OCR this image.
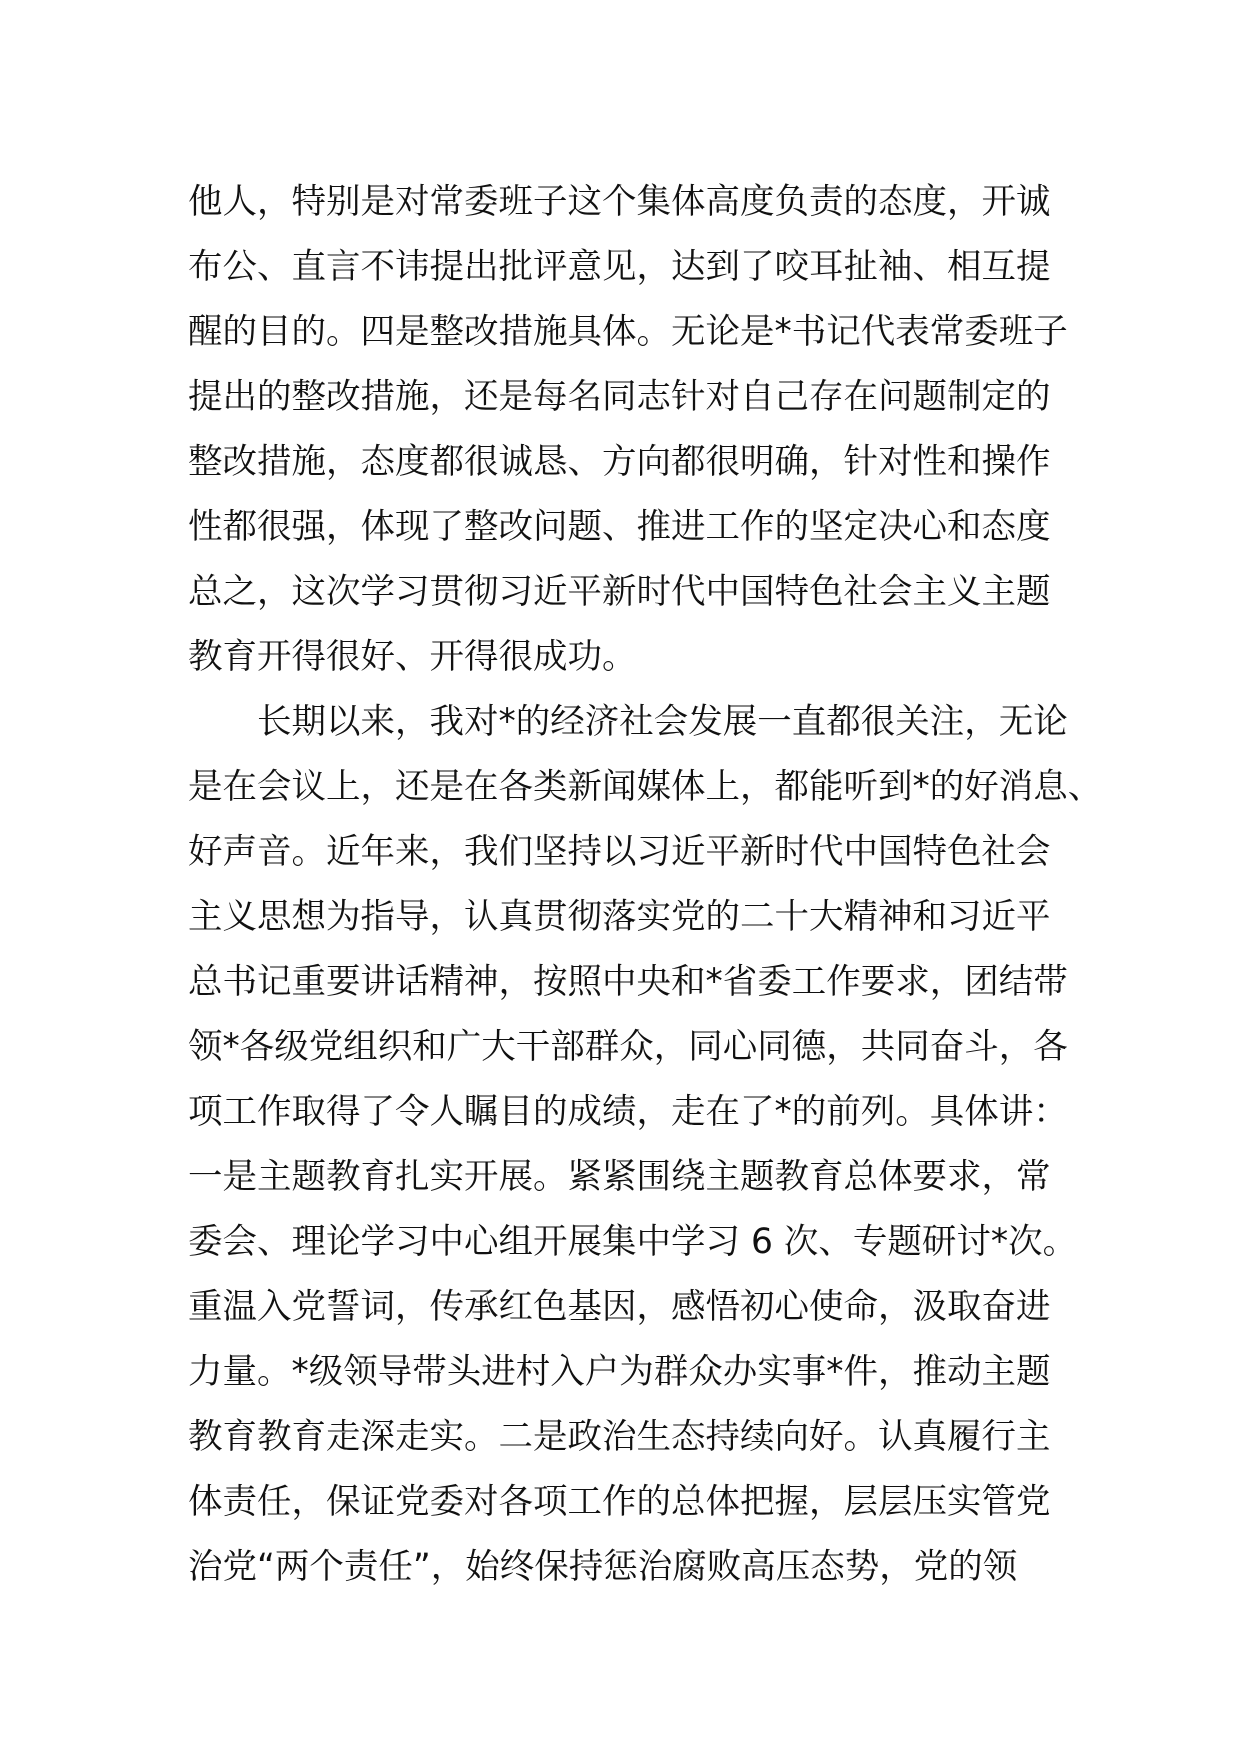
他人，特别是对常委班子这个集体高度负责的态度，开诚
布公、直言不讳提出批评意见，达到了咬耳扯袖、相互提
醒的目的。四是整改措施具体。无论是*书记代表常委班子
提出的整改措施，还是每名同志针对自己存在问题制定的
整改措施，态度都很诚恳、方向都很明确，针对性和操作
性都很强，体现了整改问题、推进工作的坚定决心和态度
总之，这次学习贯彻习近平新时代中国特色社会主义主题
教育开得很好、开得很成功。
长期以来，我对*的经济社会发展一直都很关注，无论
是在会议上，还是在各类新闻媒体上，都能听到*的好消息、
好声音。近年来，我们坚持以习近平新时代中国特色社会
主义思想为指导，认真贯彻落实党的二十大精神和习近平
总书记重要讲话精神，按照中央和*省委工作要求，团结带
领*各级党组织和广大干部群众，同心同德，共同奋斗，各
项工作取得了令人瞩目的成绩，走在了*的前列。具体讲：
一是主题教育扎实开展。紧紧围绕主题教育总体要求，常
委会、理论学习中心组开展集中学习 6 次、专题研讨*次。
重温入党誓词，传承红色基因，感悟初心使命，汲取奋进
力量。*级领导带头进村入户为群众办实事*件，推动主题
教育教育走深走实。二是政治生态持续向好。认真履行主
体责任，保证党委对各项工作的总体把握，层层压实管党
治党“两个责任”，始终保持惩治腐败高压态势，党的领
